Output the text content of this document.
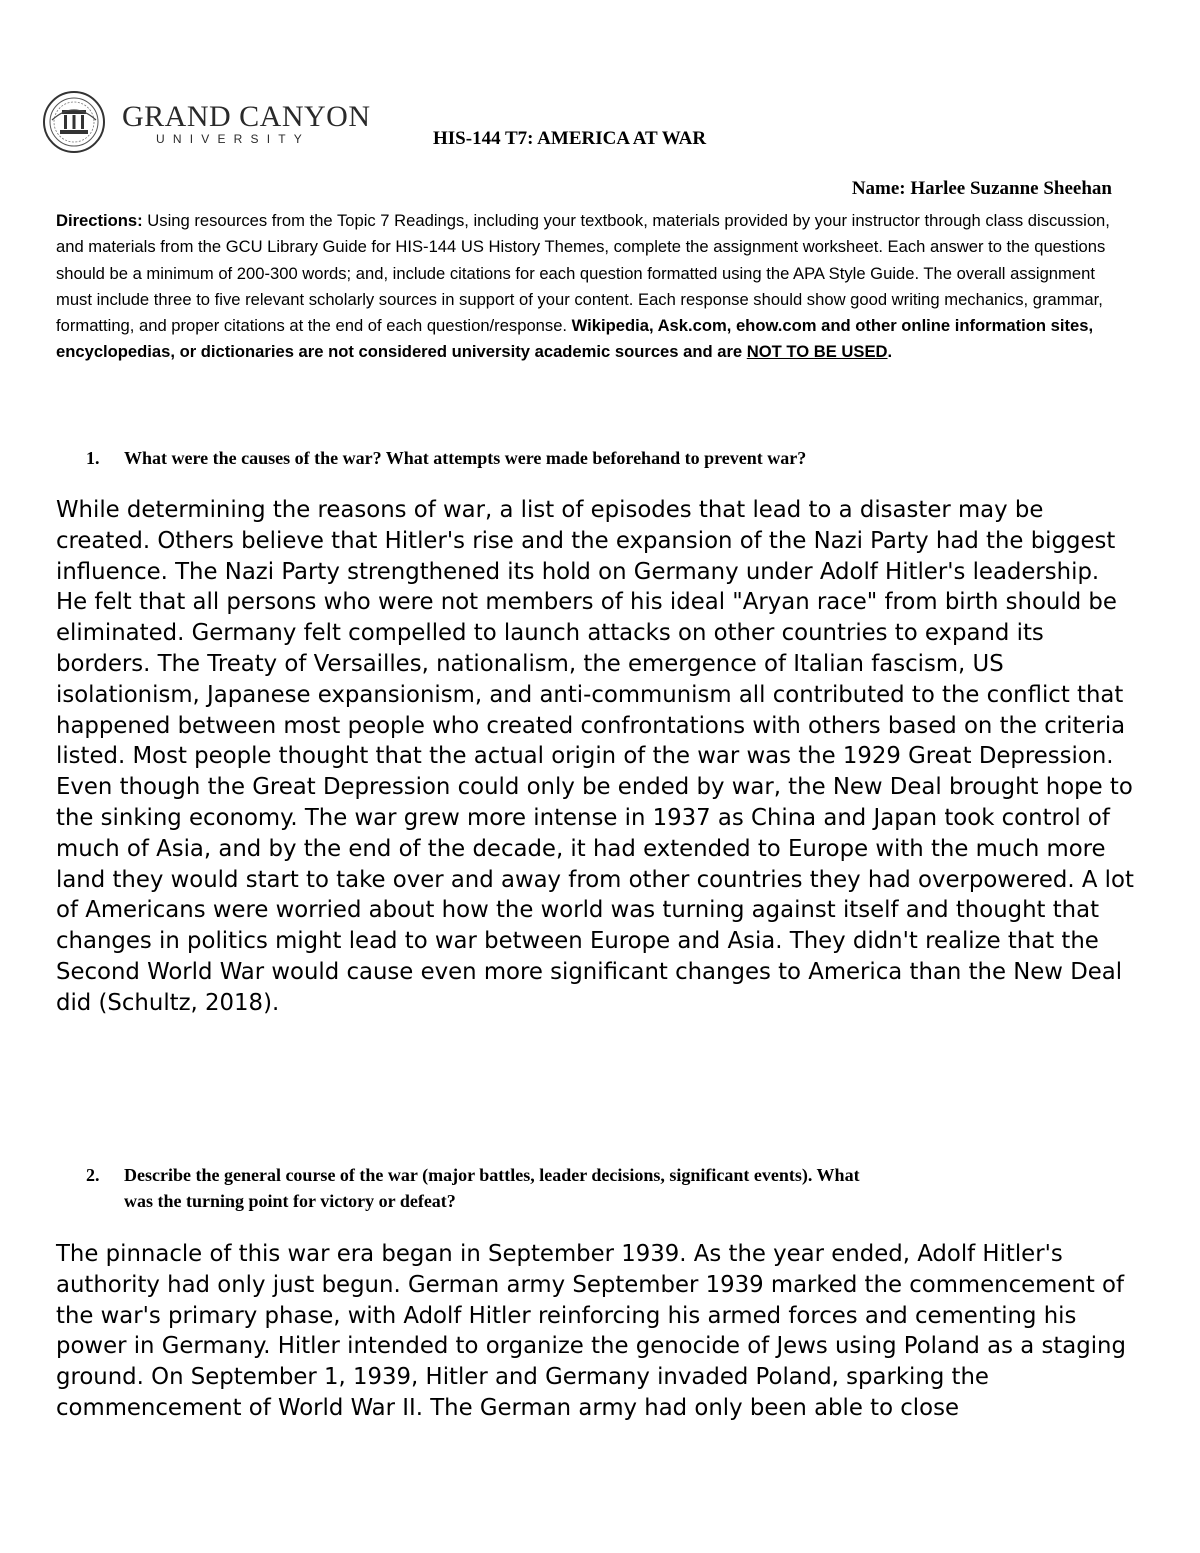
GRAND CANYON
UNIVERSITY	HIS-144 T7: AMERICA AT WAR
Name: Harlee Suzanne Sheehan
Directions: Using resources from the Topic 7 Readings, including your textbook, materials provided by your instructor through class discussion, and materials from the GCU Library Guide for HIS-144 US History Themes, complete the assignment worksheet. Each answer to the questions should be a minimum of 200-300 words; and, include citations for each question formatted using the APA Style Guide. The overall assignment must include three to five relevant scholarly sources in support of your content. Each response should show good writing mechanics, grammar, formatting, and proper citations at the end of each question/response. Wikipedia, Ask.com, ehow.com and other online information sites, encyclopedias, or dictionaries are not considered university academic sources and are NOT TO BE USED.
1. What were the causes of the war? What attempts were made beforehand to prevent war?
While determining the reasons of war, a list of episodes that lead to a disaster may be created. Others believe that Hitler's rise and the expansion of the Nazi Party had the biggest influence. The Nazi Party strengthened its hold on Germany under Adolf Hitler's leadership. He felt that all persons who were not members of his ideal "Aryan race" from birth should be eliminated. Germany felt compelled to launch attacks on other countries to expand its borders. The Treaty of Versailles, nationalism, the emergence of Italian fascism, US isolationism, Japanese expansionism, and anti-communism all contributed to the conflict that happened between most people who created confrontations with others based on the criteria listed. Most people thought that the actual origin of the war was the 1929 Great Depression. Even though the Great Depression could only be ended by war, the New Deal brought hope to the sinking economy. The war grew more intense in 1937 as China and Japan took control of much of Asia, and by the end of the decade, it had extended to Europe with the much more land they would start to take over and away from other countries they had overpowered. A lot of Americans were worried about how the world was turning against itself and thought that changes in politics might lead to war between Europe and Asia. They didn't realize that the Second World War would cause even more significant changes to America than the New Deal did (Schultz, 2018).
2. Describe the general course of the war (major battles, leader decisions, significant events). What
was the turning point for victory or defeat?
The pinnacle of this war era began in September 1939. As the year ended, Adolf Hitler's authority had only just begun. German army September 1939 marked the commencement of the war's primary phase, with Adolf Hitler reinforcing his armed forces and cementing his power in Germany. Hitler intended to organize the genocide of Jews using Poland as a staging ground. On September 1, 1939, Hitler and Germany invaded Poland, sparking the commencement of World War II. The German army had only been able to close
